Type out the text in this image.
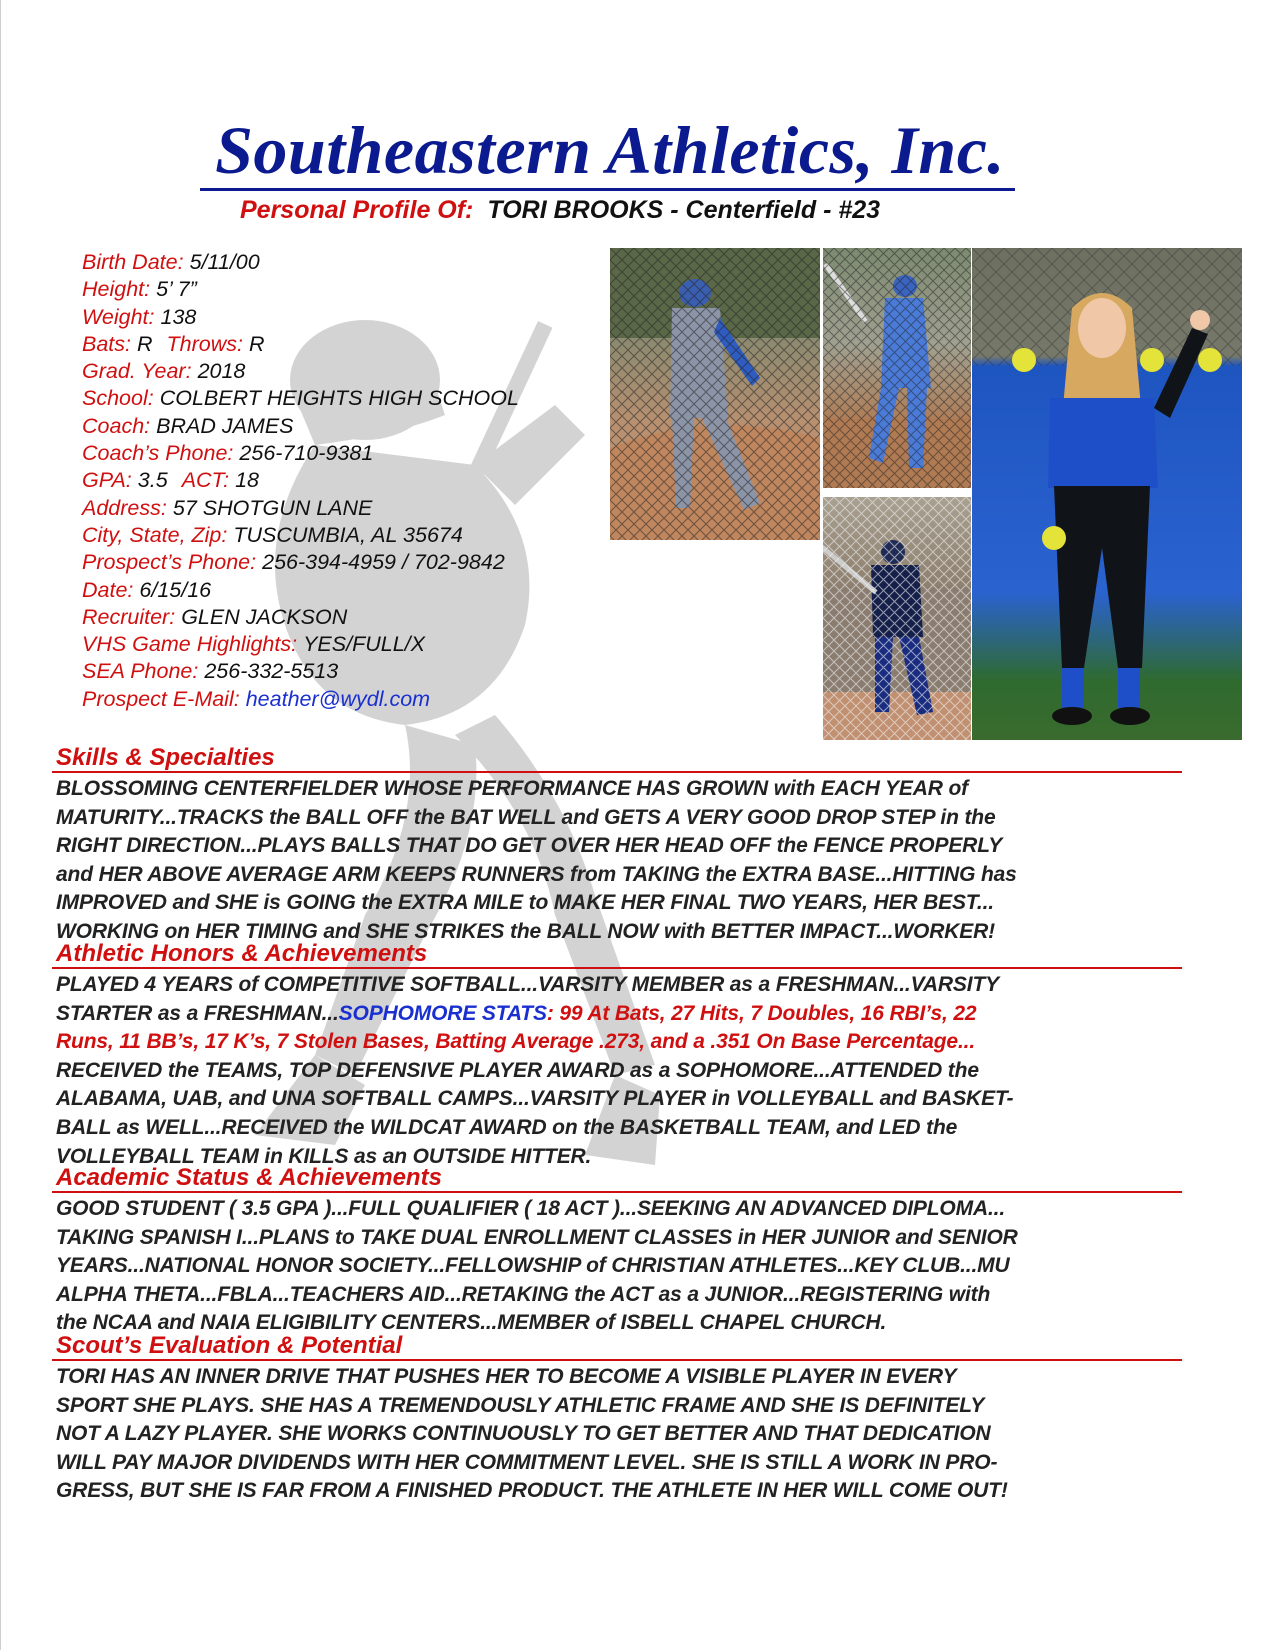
Southeastern Athletics, Inc.
Personal Profile Of: TORI BROOKS - Centerfield - #23
Birth Date: 5/11/00
Height: 5’ 7”
Weight: 138
Bats: R Throws: R
Grad. Year: 2018
School: COLBERT HEIGHTS HIGH SCHOOL
Coach: BRAD JAMES
Coach’s Phone: 256-710-9381
GPA: 3.5 ACT: 18
Address: 57 SHOTGUN LANE
City, State, Zip: TUSCUMBIA, AL 35674
Prospect’s Phone: 256-394-4959 / 702-9842
Date: 6/15/16
Recruiter: GLEN JACKSON
VHS Game Highlights: YES/FULL/X
SEA Phone: 256-332-5513
Prospect E-Mail: heather@wydl.com
Skills & Specialties

BLOSSOMING CENTERFIELDER WHOSE PERFORMANCE HAS GROWN with EACH YEAR of

MATURITY...TRACKS the BALL OFF the BAT WELL and GETS A VERY GOOD DROP STEP in the

RIGHT DIRECTION...PLAYS BALLS THAT DO GET OVER HER HEAD OFF the FENCE PROPERLY

and HER ABOVE AVERAGE ARM KEEPS RUNNERS from TAKING the EXTRA BASE...HITTING has

IMPROVED and SHE is GOING the EXTRA MILE to MAKE HER FINAL TWO YEARS, HER BEST...

WORKING on HER TIMING and SHE STRIKES the BALL NOW with BETTER IMPACT...WORKER!

Athletic Honors & Achievements

PLAYED 4 YEARS of COMPETITIVE SOFTBALL...VARSITY MEMBER as a FRESHMAN...VARSITY

STARTER as a FRESHMAN...SOPHOMORE STATS: 99 At Bats, 27 Hits, 7 Doubles, 16 RBI’s, 22

Runs, 11 BB’s, 17 K’s, 7 Stolen Bases, Batting Average .273, and a .351 On Base Percentage...

RECEIVED the TEAMS, TOP DEFENSIVE PLAYER AWARD as a SOPHOMORE...ATTENDED the

ALABAMA, UAB, and UNA SOFTBALL CAMPS...VARSITY PLAYER in VOLLEYBALL and BASKET-

BALL as WELL...RECEIVED the WILDCAT AWARD on the BASKETBALL TEAM, and LED the

VOLLEYBALL TEAM in KILLS as an OUTSIDE HITTER.

Academic Status & Achievements

GOOD STUDENT ( 3.5 GPA )...FULL QUALIFIER ( 18 ACT )...SEEKING AN ADVANCED DIPLOMA...

TAKING SPANISH I...PLANS to TAKE DUAL ENROLLMENT CLASSES in HER JUNIOR and SENIOR

YEARS...NATIONAL HONOR SOCIETY...FELLOWSHIP of CHRISTIAN ATHLETES...KEY CLUB...MU

ALPHA THETA...FBLA...TEACHERS AID...RETAKING the ACT as a JUNIOR...REGISTERING with

the NCAA and NAIA ELIGIBILITY CENTERS...MEMBER of ISBELL CHAPEL CHURCH.

Scout’s Evaluation & Potential

TORI HAS AN INNER DRIVE THAT PUSHES HER TO BECOME A VISIBLE PLAYER IN EVERY

SPORT SHE PLAYS. SHE HAS A TREMENDOUSLY ATHLETIC FRAME AND SHE IS DEFINITELY

NOT A LAZY PLAYER. SHE WORKS CONTINUOUSLY TO GET BETTER AND THAT DEDICATION

WILL PAY MAJOR DIVIDENDS WITH HER COMMITMENT LEVEL. SHE IS STILL A WORK IN PRO-

GRESS, BUT SHE IS FAR FROM A FINISHED PRODUCT. THE ATHLETE IN HER WILL COME OUT!
